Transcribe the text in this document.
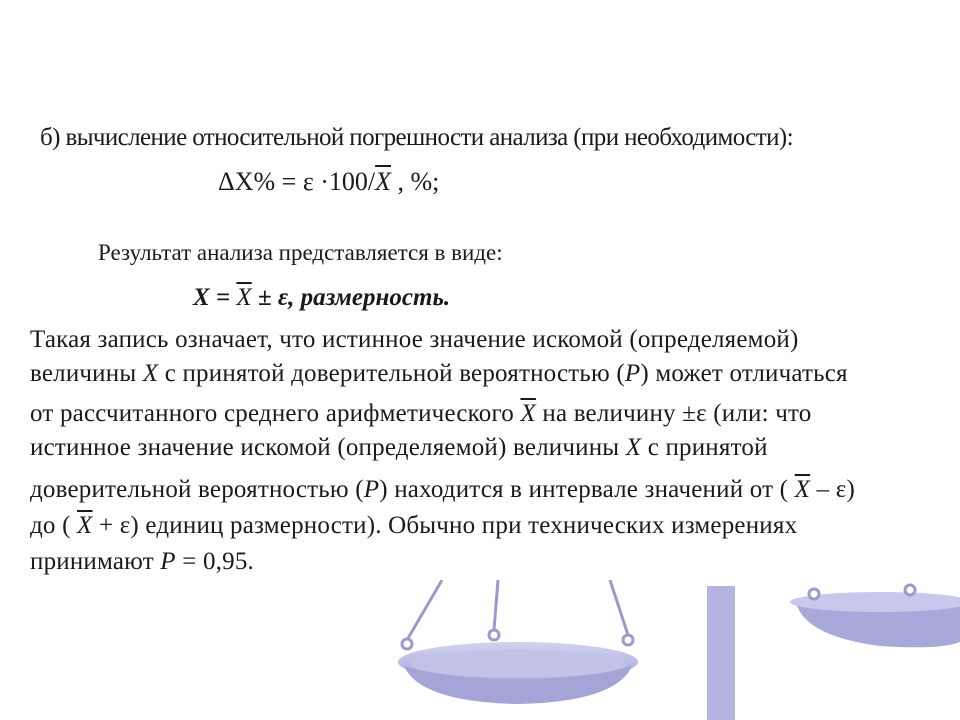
б) вычисление относительной погрешности анализа (при необходимости):
$\Delta X\% = \varepsilon \cdot 100/\overline{X}$ , %;
Результат анализа представляется в виде:
$X = \overline{X} \pm \varepsilon$, размерность.
Такая запись означает, что истинное значение искомой (определяемой)
величины X с принятой доверительной вероятностью (P) может отличаться
от рассчитанного среднего арифметического $\overline{X}$ на величину ±ε (или: что
истинное значение искомой (определяемой) величины X с принятой
доверительной вероятностью (P) находится в интервале значений от ( $\overline{X} - \varepsilon$)
до ( $\overline{X} + \varepsilon$) единиц размерности). Обычно при технических измерениях
принимают P = 0,95.
